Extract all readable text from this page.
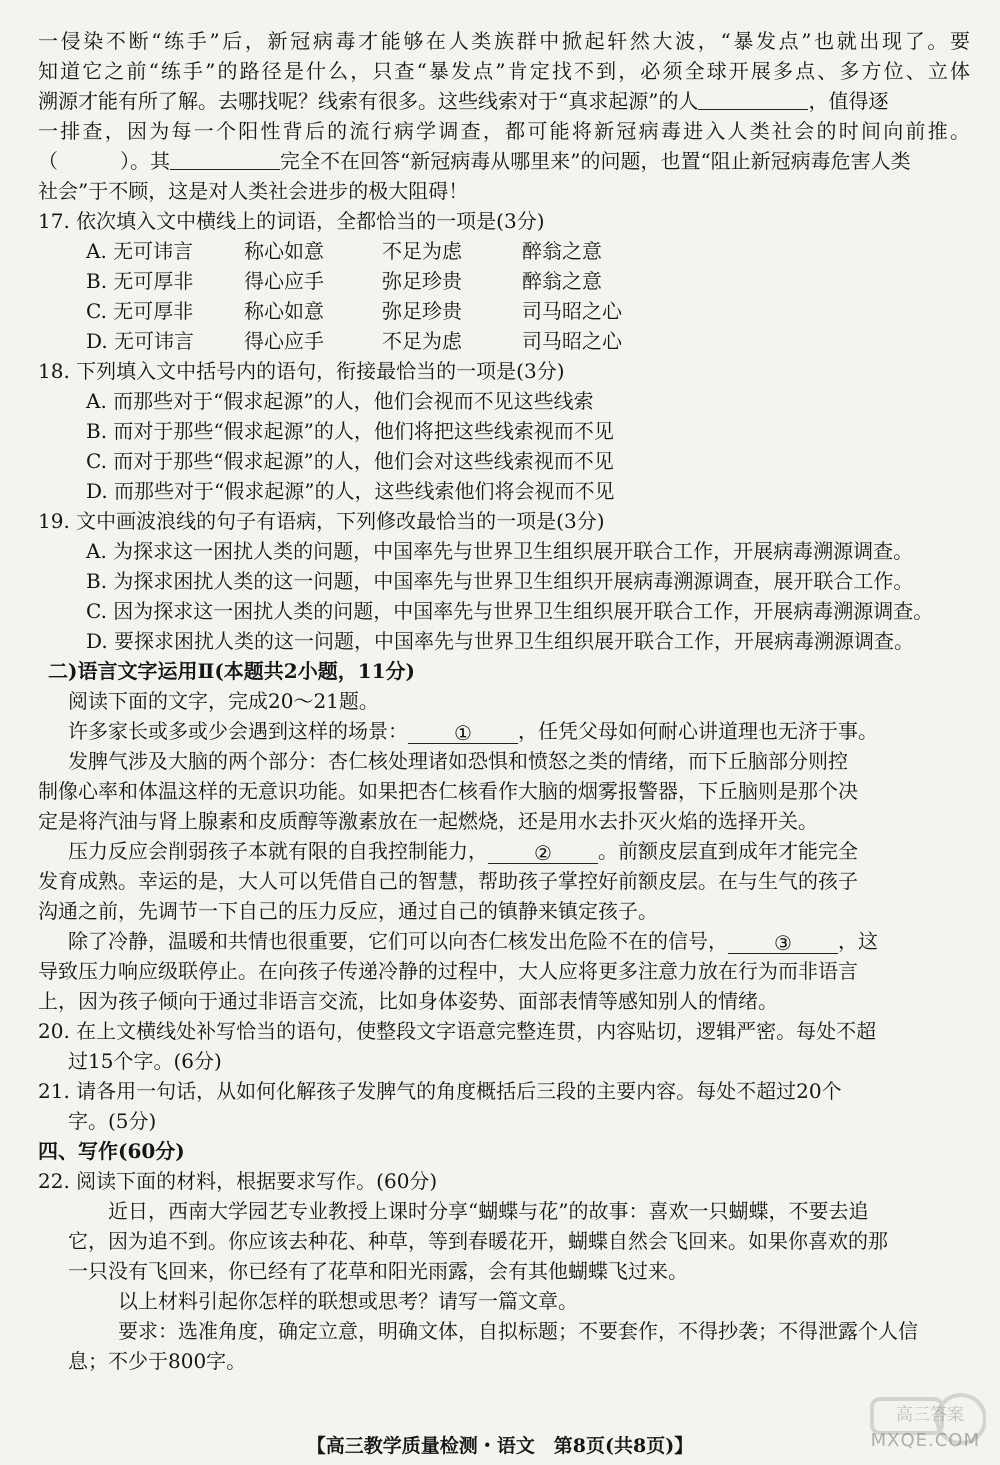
一侵染不断“练手”后，新冠病毒才能够在人类族群中掀起轩然大波，“暴发点”也就出现了。要
知道它之前“练手”的路径是什么，只查“暴发点”肯定找不到，必须全球开展多点、多方位、立体
溯源才能有所了解。去哪找呢？线索有很多。这些线索对于“真求起源”的人	，值得逐
一排查，因为每一个阳性背后的流行病学调查，都可能将新冠病毒进入人类社会的时间向前推。
（	）。其	完全不在回答“新冠病毒从哪里来”的问题，也置“阻止新冠病毒危害人类
社会”于不顾，这是对人类社会进步的极大阻碍！
17. 依次填入文中横线上的词语，全都恰当的一项是(3分)
A. 无可讳言	称心如意	不足为虑	醉翁之意
B. 无可厚非	得心应手	弥足珍贵	醉翁之意
C. 无可厚非	称心如意	弥足珍贵	司马昭之心
D. 无可讳言	得心应手	不足为虑	司马昭之心
18. 下列填入文中括号内的语句，衔接最恰当的一项是(3分)
A. 而那些对于“假求起源”的人，他们会视而不见这些线索
B. 而对于那些“假求起源”的人，他们将把这些线索视而不见
C. 而对于那些“假求起源”的人，他们会对这些线索视而不见
D. 而那些对于“假求起源”的人，这些线索他们将会视而不见
19. 文中画波浪线的句子有语病，下列修改最恰当的一项是(3分)
A. 为探求这一困扰人类的问题，中国率先与世界卫生组织展开联合工作，开展病毒溯源调查。
B. 为探求困扰人类的这一问题，中国率先与世界卫生组织开展病毒溯源调查，展开联合工作。
C. 因为探求这一困扰人类的问题，中国率先与世界卫生组织展开联合工作，开展病毒溯源调查。
D. 要探求困扰人类的这一问题，中国率先与世界卫生组织展开联合工作，开展病毒溯源调查。
二)语言文字运用Ⅱ(本题共2小题，11分)
阅读下面的文字，完成20～21题。
许多家长或多或少会遇到这样的场景： ① ，任凭父母如何耐心讲道理也无济于事。
发脾气涉及大脑的两个部分：杏仁核处理诸如恐惧和愤怒之类的情绪，而下丘脑部分则控
制像心率和体温这样的无意识功能。如果把杏仁核看作大脑的烟雾报警器，下丘脑则是那个决
定是将汽油与肾上腺素和皮质醇等激素放在一起燃烧，还是用水去扑灭火焰的选择开关。
压力反应会削弱孩子本就有限的自我控制能力， ② 。前额皮层直到成年才能完全
发育成熟。幸运的是，大人可以凭借自己的智慧，帮助孩子掌控好前额皮层。在与生气的孩子
沟通之前，先调节一下自己的压力反应，通过自己的镇静来镇定孩子。
除了冷静，温暖和共情也很重要，它们可以向杏仁核发出危险不在的信号， ③ ，这
导致压力响应级联停止。在向孩子传递冷静的过程中，大人应将更多注意力放在行为而非语言
上，因为孩子倾向于通过非语言交流，比如身体姿势、面部表情等感知别人的情绪。
20. 在上文横线处补写恰当的语句，使整段文字语意完整连贯，内容贴切，逻辑严密。每处不超
过15个字。(6分)
21. 请各用一句话，从如何化解孩子发脾气的角度概括后三段的主要内容。每处不超过20个
字。(5分)
四、写作(60分)
22. 阅读下面的材料，根据要求写作。(60分)
近日，西南大学园艺专业教授上课时分享“蝴蝶与花”的故事：喜欢一只蝴蝶，不要去追
它，因为追不到。你应该去种花、种草，等到春暖花开，蝴蝶自然会飞回来。如果你喜欢的那
一只没有飞回来，你已经有了花草和阳光雨露，会有其他蝴蝶飞过来。
以上材料引起你怎样的联想或思考？请写一篇文章。
要求：选准角度，确定立意，明确文体，自拟标题；不要套作，不得抄袭；不得泄露个人信
息；不少于800字。
【高三教学质量检测・语文　第8页(共8页)】
高三答案
MXQE.COM
